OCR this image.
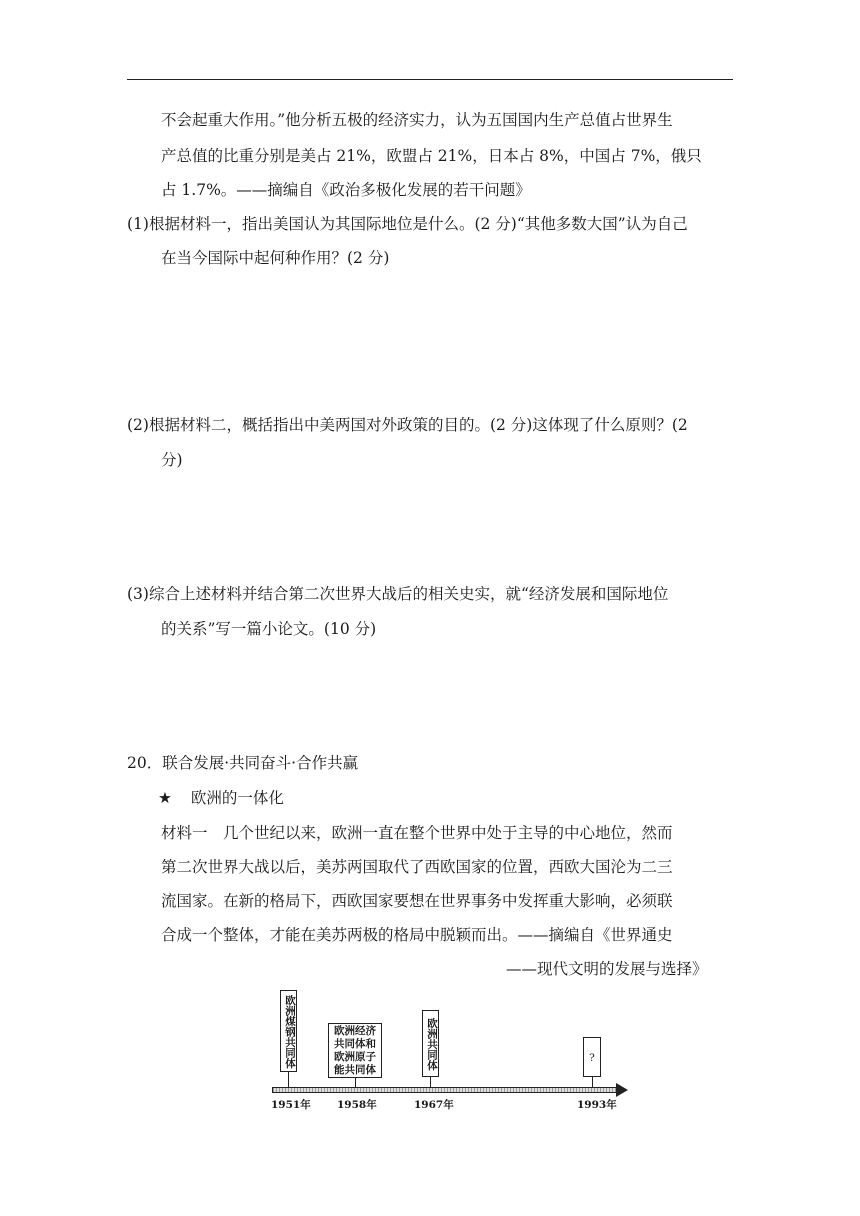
不会起重大作用。”他分析五极的经济实力，认为五国国内生产总值占世界生
产总值的比重分别是美占 21%，欧盟占 21%，日本占 8%，中国占 7%，俄只
占 1.7%。——摘编自《政治多极化发展的若干问题》
(1)根据材料一，指出美国认为其国际地位是什么。(2 分)“其他多数大国”认为自己
在当今国际中起何种作用？(2 分)
(2)根据材料二，概括指出中美两国对外政策的目的。(2 分)这体现了什么原则？(2
分)
(3)综合上述材料并结合第二次世界大战后的相关史实，就“经济发展和国际地位
的关系”写一篇小论文。(10 分)
20．联合发展·共同奋斗·合作共赢
★ 欧洲的一体化
材料一　几个世纪以来，欧洲一直在整个世界中处于主导的中心地位，然而
第二次世界大战以后，美苏两国取代了西欧国家的位置，西欧大国沦为二三
流国家。在新的格局下，西欧国家要想在世界事务中发挥重大影响，必须联
合成一个整体，才能在美苏两极的格局中脱颖而出。——摘编自《世界通史
——现代文明的发展与选择》
欧洲煤钢共同体	欧洲经济
共同体和
欧洲原子
能共同体	欧洲共同体	?
1951年	1958年	1967年	1993年
